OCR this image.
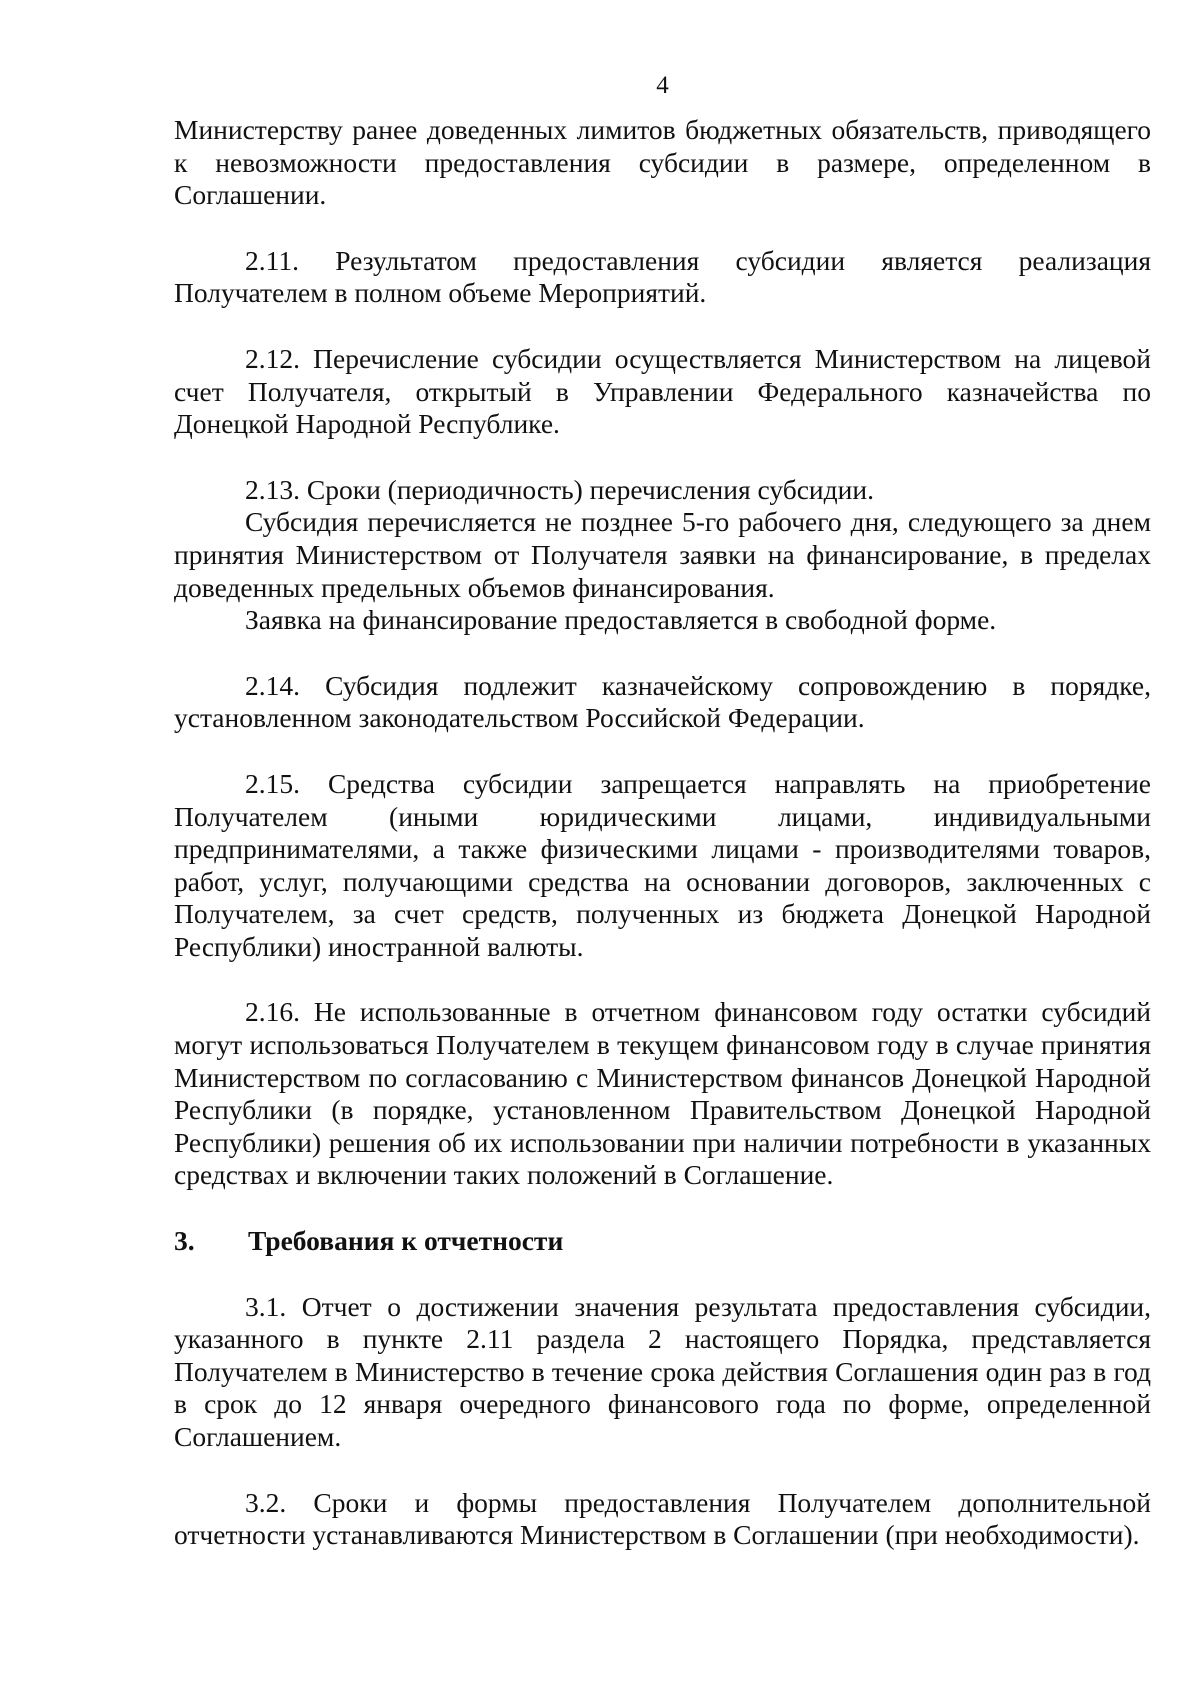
4

Министерству ранее доведенных лимитов бюджетных обязательств, приводящего к невозможности предоставления субсидии в размере, определенном в Соглашении.

2.11. Результатом предоставления субсидии является реализация Получателем в полном объеме Мероприятий.

2.12. Перечисление субсидии осуществляется Министерством на лицевой счет Получателя, открытый в Управлении Федерального казначейства по Донецкой Народной Республике.

2.13. Сроки (периодичность) перечисления субсидии.

Субсидия перечисляется не позднее 5-го рабочего дня, следующего за днем принятия Министерством от Получателя заявки на финансирование, в пределах доведенных предельных объемов финансирования.

Заявка на финансирование предоставляется в свободной форме.

2.14. Субсидия подлежит казначейскому сопровождению в порядке, установленном законодательством Российской Федерации.

2.15. Средства субсидии запрещается направлять на приобретение Получателем (иными юридическими лицами, индивидуальными предпринимателями, а также физическими лицами - производителями товаров, работ, услуг, получающими средства на основании договоров, заключенных с Получателем, за счет средств, полученных из бюджета Донецкой Народной Республики) иностранной валюты.

2.16. Не использованные в отчетном финансовом году остатки субсидий могут использоваться Получателем в текущем финансовом году в случае принятия Министерством по согласованию с Министерством финансов Донецкой Народной Республики (в порядке, установленном Правительством Донецкой Народной Республики) решения об их использовании при наличии потребности в указанных средствах и включении таких положений в Соглашение.

3. Требования к отчетности

3.1. Отчет о достижении значения результата предоставления субсидии, указанного в пункте 2.11 раздела 2 настоящего Порядка, представляется Получателем в Министерство в течение срока действия Соглашения один раз в год в срок до 12 января очередного финансового года по форме, определенной Соглашением.

3.2. Сроки и формы предоставления Получателем дополнительной отчетности устанавливаются Министерством в Соглашении (при необходимости).
